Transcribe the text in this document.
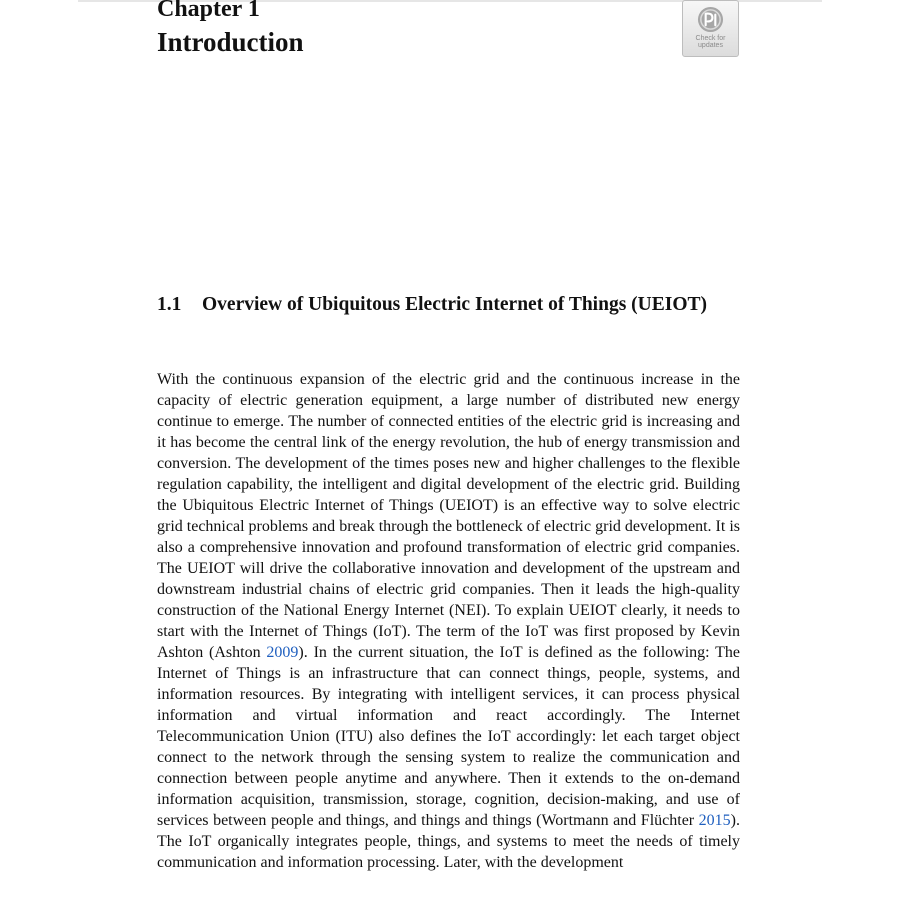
Chapter 1
Introduction	Check for
updates
1.1 Overview of Ubiquitous Electric Internet of Things (UEIOT)

With the continuous expansion of the electric grid and the continuous increase in the capacity of electric generation equipment, a large number of distributed new energy continue to emerge. The number of connected entities of the electric grid is increasing and it has become the central link of the energy revolution, the hub of energy transmission and conversion. The development of the times poses new and higher challenges to the flexible regulation capability, the intelligent and digital development of the electric grid. Building the Ubiquitous Electric Internet of Things (UEIOT) is an effective way to solve electric grid technical problems and break through the bottleneck of electric grid development. It is also a comprehensive innovation and profound transformation of electric grid companies. The UEIOT will drive the collaborative innovation and development of the upstream and downstream industrial chains of electric grid companies. Then it leads the high-quality construction of the National Energy Internet (NEI). To explain UEIOT clearly, it needs to start with the Internet of Things (IoT). The term of the IoT was first proposed by Kevin Ashton (Ashton 2009). In the current situation, the IoT is defined as the following: The Internet of Things is an infrastructure that can connect things, people, systems, and information resources. By integrating with intelligent services, it can process physical information and virtual information and react accordingly. The Internet Telecommunication Union (ITU) also defines the IoT accordingly: let each target object connect to the network through the sensing system to realize the communication and connection between people anytime and anywhere. Then it extends to the on-demand information acquisition, transmission, storage, cognition, decision-making, and use of services between people and things, and things and things (Wortmann and Flüchter 2015). The IoT organically integrates people, things, and systems to meet the needs of timely communication and information processing. Later, with the development
